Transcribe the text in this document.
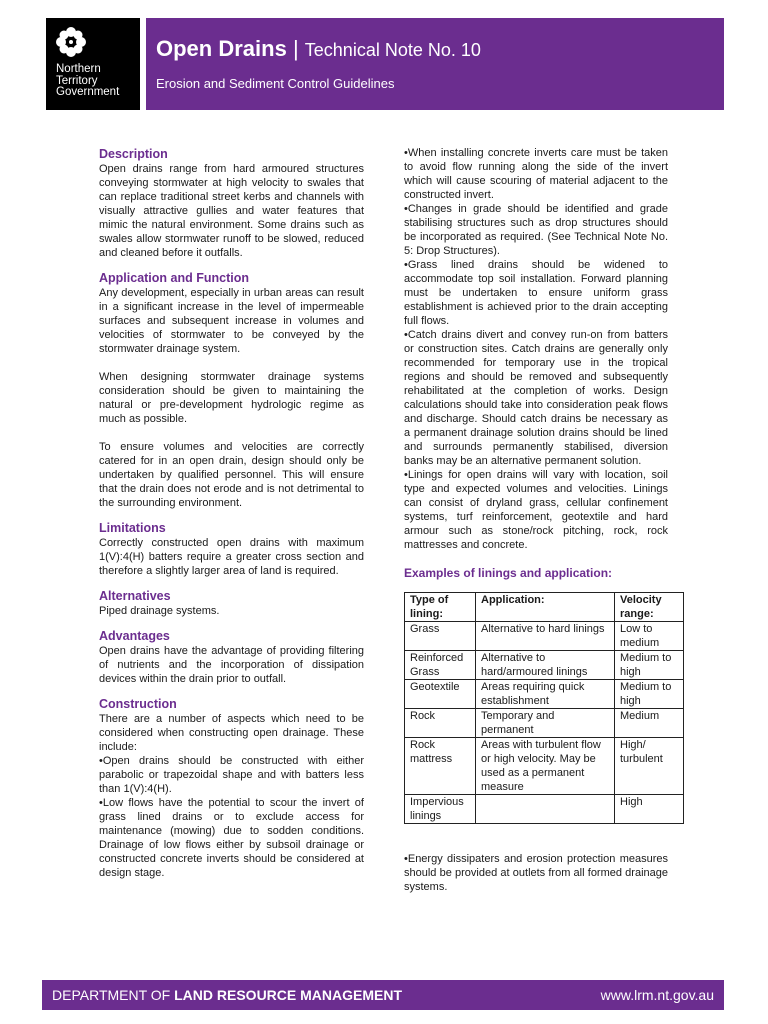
Northern
Territory
Government
Open Drains | Technical Note No. 10
Erosion and Sediment Control Guidelines

Description

Open drains range from hard armoured structures conveying stormwater at high velocity to swales that can replace traditional street kerbs and channels with visually attractive gullies and water features that mimic the natural environment. Some drains such as swales allow stormwater runoff to be slowed, reduced and cleaned before it outfalls.

Application and Function

Any development, especially in urban areas can result in a significant increase in the level of impermeable surfaces and subsequent increase in volumes and velocities of stormwater to be conveyed by the stormwater drainage system.

When designing stormwater drainage systems consideration should be given to maintaining the natural or pre-development hydrologic regime as much as possible.

To ensure volumes and velocities are correctly catered for in an open drain, design should only be undertaken by qualified personnel. This will ensure that the drain does not erode and is not detrimental to the surrounding environment.

Limitations

Correctly constructed open drains with maximum 1(V):4(H) batters require a greater cross section and therefore a slightly larger area of land is required.

Alternatives

Piped drainage systems.

Advantages

Open drains have the advantage of providing filtering of nutrients and the incorporation of dissipation devices within the drain prior to outfall.

Construction

There are a number of aspects which need to be considered when constructing open drainage. These include:

•Open drains should be constructed with either parabolic or trapezoidal shape and with batters less than 1(V):4(H).

•Low flows have the potential to scour the invert of grass lined drains or to exclude access for maintenance (mowing) due to sodden conditions. Drainage of low flows either by subsoil drainage or constructed concrete inverts should be considered at design stage.

•When installing concrete inverts care must be taken to avoid flow running along the side of the invert which will cause scouring of material adjacent to the constructed invert.

•Changes in grade should be identified and grade stabilising structures such as drop structures should be incorporated as required. (See Technical Note No. 5: Drop Structures).

•Grass lined drains should be widened to accommodate top soil installation. Forward planning must be undertaken to ensure uniform grass establishment is achieved prior to the drain accepting full flows.

•Catch drains divert and convey run-on from batters or construction sites. Catch drains are generally only recommended for temporary use in the tropical regions and should be removed and subsequently rehabilitated at the completion of works. Design calculations should take into consideration peak flows and discharge. Should catch drains be necessary as a permanent drainage solution drains should be lined and surrounds permanently stabilised, diversion banks may be an alternative permanent solution.

•Linings for open drains will vary with location, soil type and expected volumes and velocities. Linings can consist of dryland grass, cellular confinement systems, turf reinforcement, geotextile and hard armour such as stone/rock pitching, rock, rock mattresses and concrete.

Examples of linings and application:

Type of lining:	Application:	Velocity range:
Grass	Alternative to hard linings	Low to medium
Reinforced Grass	Alternative to hard/armoured linings	Medium to high
Geotextile	Areas requiring quick establishment	Medium to high
Rock	Temporary and permanent	Medium
Rock mattress	Areas with turbulent flow or high velocity. May be used as a permanent measure	High/ turbulent
Impervious linings		High

•Energy dissipaters and erosion protection measures should be provided at outlets from all formed drainage systems.

DEPARTMENT OF LAND RESOURCE MANAGEMENT	www.lrm.nt.gov.au
